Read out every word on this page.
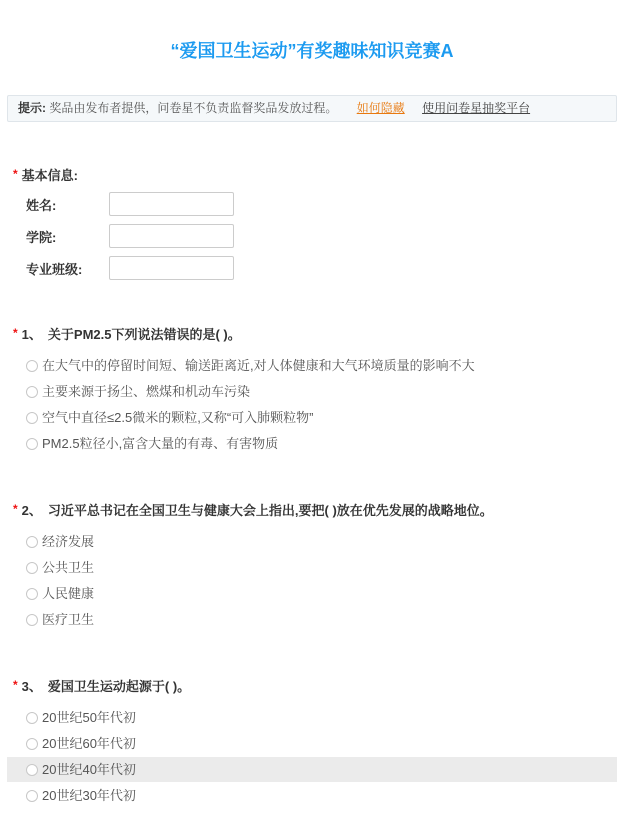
“爱国卫生运动”有奖趣味知识竞赛A
提示: 奖品由发布者提供，问卷星不负责监督奖品发放过程。 如何隐藏 使用问卷星抽奖平台
* 基本信息:
姓名:
学院:
专业班级:
* 1、 关于PM2.5下列说法错误的是( )。
在大气中的停留时间短、输送距离近,对人体健康和大气环境质量的影响不大
主要来源于扬尘、燃煤和机动车污染
空气中直径≤2.5微米的颗粒,又称“可入肺颗粒物”
PM2.5粒径小,富含大量的有毒、有害物质
* 2、 习近平总书记在全国卫生与健康大会上指出,要把( )放在优先发展的战略地位。
经济发展
公共卫生
人民健康
医疗卫生
* 3、 爱国卫生运动起源于( )。
20世纪50年代初
20世纪60年代初
20世纪40年代初
20世纪30年代初
